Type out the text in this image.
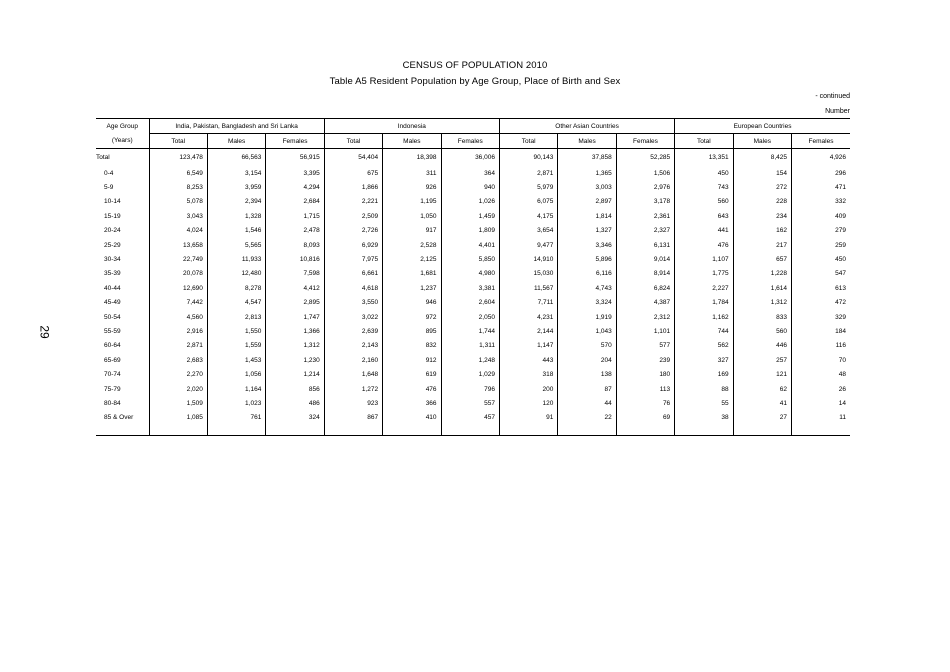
CENSUS OF POPULATION 2010
Table A5 Resident Population by Age Group, Place of Birth and Sex
- continued
Number
29
Age Group	India, Pakistan, Bangladesh and Sri Lanka			Indonesia			Other Asian Countries			European Countries		
(Years)	Total	Males	Females	Total	Males	Females	Total	Males	Females	Total	Males	Females
Total	123,478	66,563	56,915	54,404	18,398	36,006	90,143	37,858	52,285	13,351	8,425	4,926
0-4	6,549	3,154	3,395	675	311	364	2,871	1,365	1,506	450	154	296
5-9	8,253	3,959	4,294	1,866	926	940	5,979	3,003	2,976	743	272	471
10-14	5,078	2,394	2,684	2,221	1,195	1,026	6,075	2,897	3,178	560	228	332
15-19	3,043	1,328	1,715	2,509	1,050	1,459	4,175	1,814	2,361	643	234	409
20-24	4,024	1,546	2,478	2,726	917	1,809	3,654	1,327	2,327	441	162	279
25-29	13,658	5,565	8,093	6,929	2,528	4,401	9,477	3,346	6,131	476	217	259
30-34	22,749	11,933	10,816	7,975	2,125	5,850	14,910	5,896	9,014	1,107	657	450
35-39	20,078	12,480	7,598	6,661	1,681	4,980	15,030	6,116	8,914	1,775	1,228	547
40-44	12,690	8,278	4,412	4,618	1,237	3,381	11,567	4,743	6,824	2,227	1,614	613
45-49	7,442	4,547	2,895	3,550	946	2,604	7,711	3,324	4,387	1,784	1,312	472
50-54	4,560	2,813	1,747	3,022	972	2,050	4,231	1,919	2,312	1,162	833	329
55-59	2,916	1,550	1,366	2,639	895	1,744	2,144	1,043	1,101	744	560	184
60-64	2,871	1,559	1,312	2,143	832	1,311	1,147	570	577	562	446	116
65-69	2,683	1,453	1,230	2,160	912	1,248	443	204	239	327	257	70
70-74	2,270	1,056	1,214	1,648	619	1,029	318	138	180	169	121	48
75-79	2,020	1,164	856	1,272	476	796	200	87	113	88	62	26
80-84	1,509	1,023	486	923	366	557	120	44	76	55	41	14
85 & Over	1,085	761	324	867	410	457	91	22	69	38	27	11
